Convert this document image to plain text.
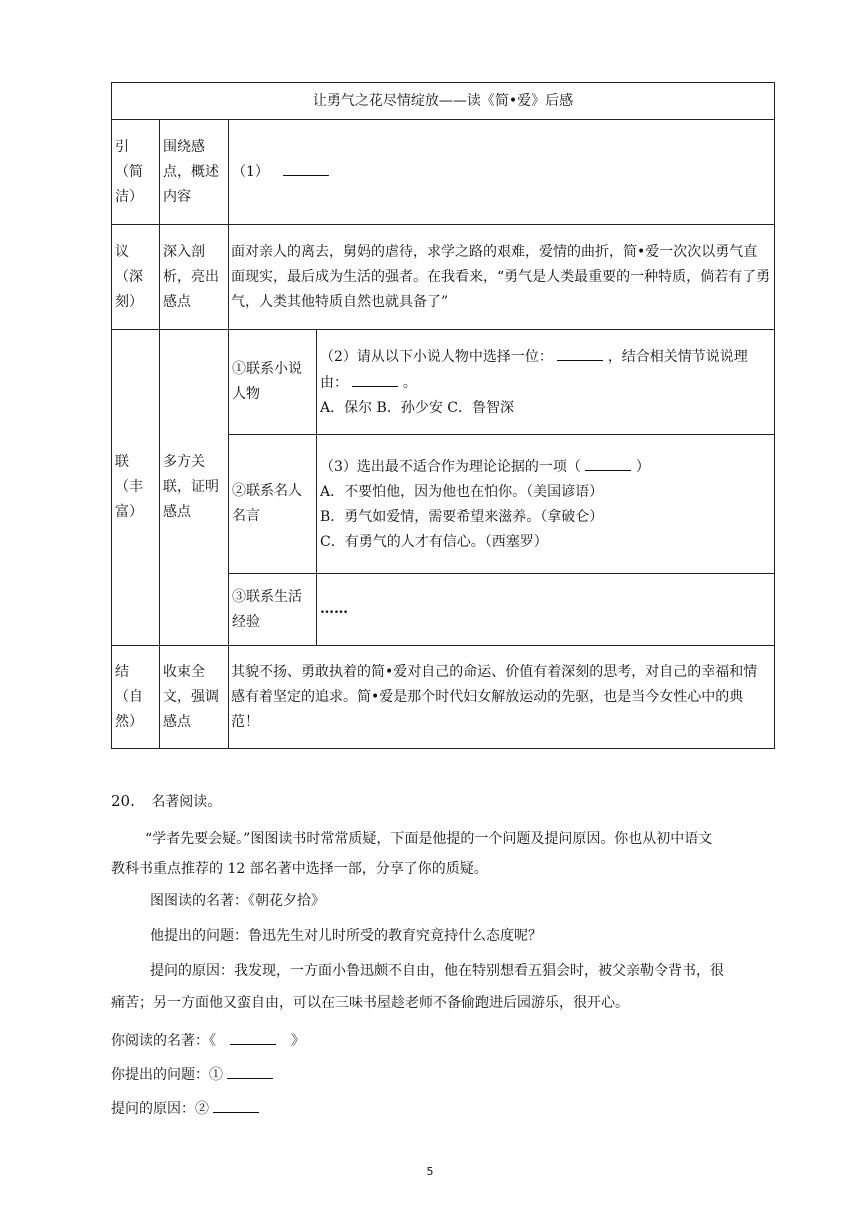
让勇气之花尽情绽放——读《简•爱》后感			
引（简洁）	围绕感点，概述内容	（1）	
议（深刻）	深入剖析，亮出感点	面对亲人的离去，舅妈的虐待，求学之路的艰难，爱情的曲折，简•爱一次次以勇气直面现实，最后成为生活的强者。在我看来，“勇气是人类最重要的一种特质，倘若有了勇气，人类其他特质自然也就具备了”	
联（丰富）	多方关联，证明感点	①联系小说人物	（2）请从以下小说人物中选择一位： ，结合相关情节说说理
由： 。
A．保尔 B．孙少安 C．鲁智深

		②联系名人名言	（3）选出最不适合作为理论论据的一项（ ）
A．不要怕他，因为他也在怕你。（美国谚语）
B．勇气如爱情，需要希望来滋养。（拿破仑）
C．有勇气的人才有信心。（西塞罗）

		③联系生活经验	……
结（自然）	收束全文，强调感点	其貌不扬、勇敢执着的简•爱对自己的命运、价值有着深刻的思考，对自己的幸福和情感有着坚定的追求。简•爱是那个时代妇女解放运动的先驱，也是当今女性心中的典范！	
20. 名著阅读。
“学者先要会疑。”图图读书时常常质疑，下面是他提的一个问题及提问原因。你也从初中语文
教科书重点推荐的 12 部名著中选择一部，分享了你的质疑。
图图读的名著：《朝花夕拾》
他提出的问题：鲁迅先生对儿时所受的教育究竟持什么态度呢？
提问的原因：我发现，一方面小鲁迅颇不自由，他在特别想看五猖会时，被父亲勒令背书，很
痛苦；另一方面他又蛮自由，可以在三味书屋趁老师不备偷跑进后园游乐，很开心。
你阅读的名著：《	》
你提出的问题：①
提问的原因：②
5
